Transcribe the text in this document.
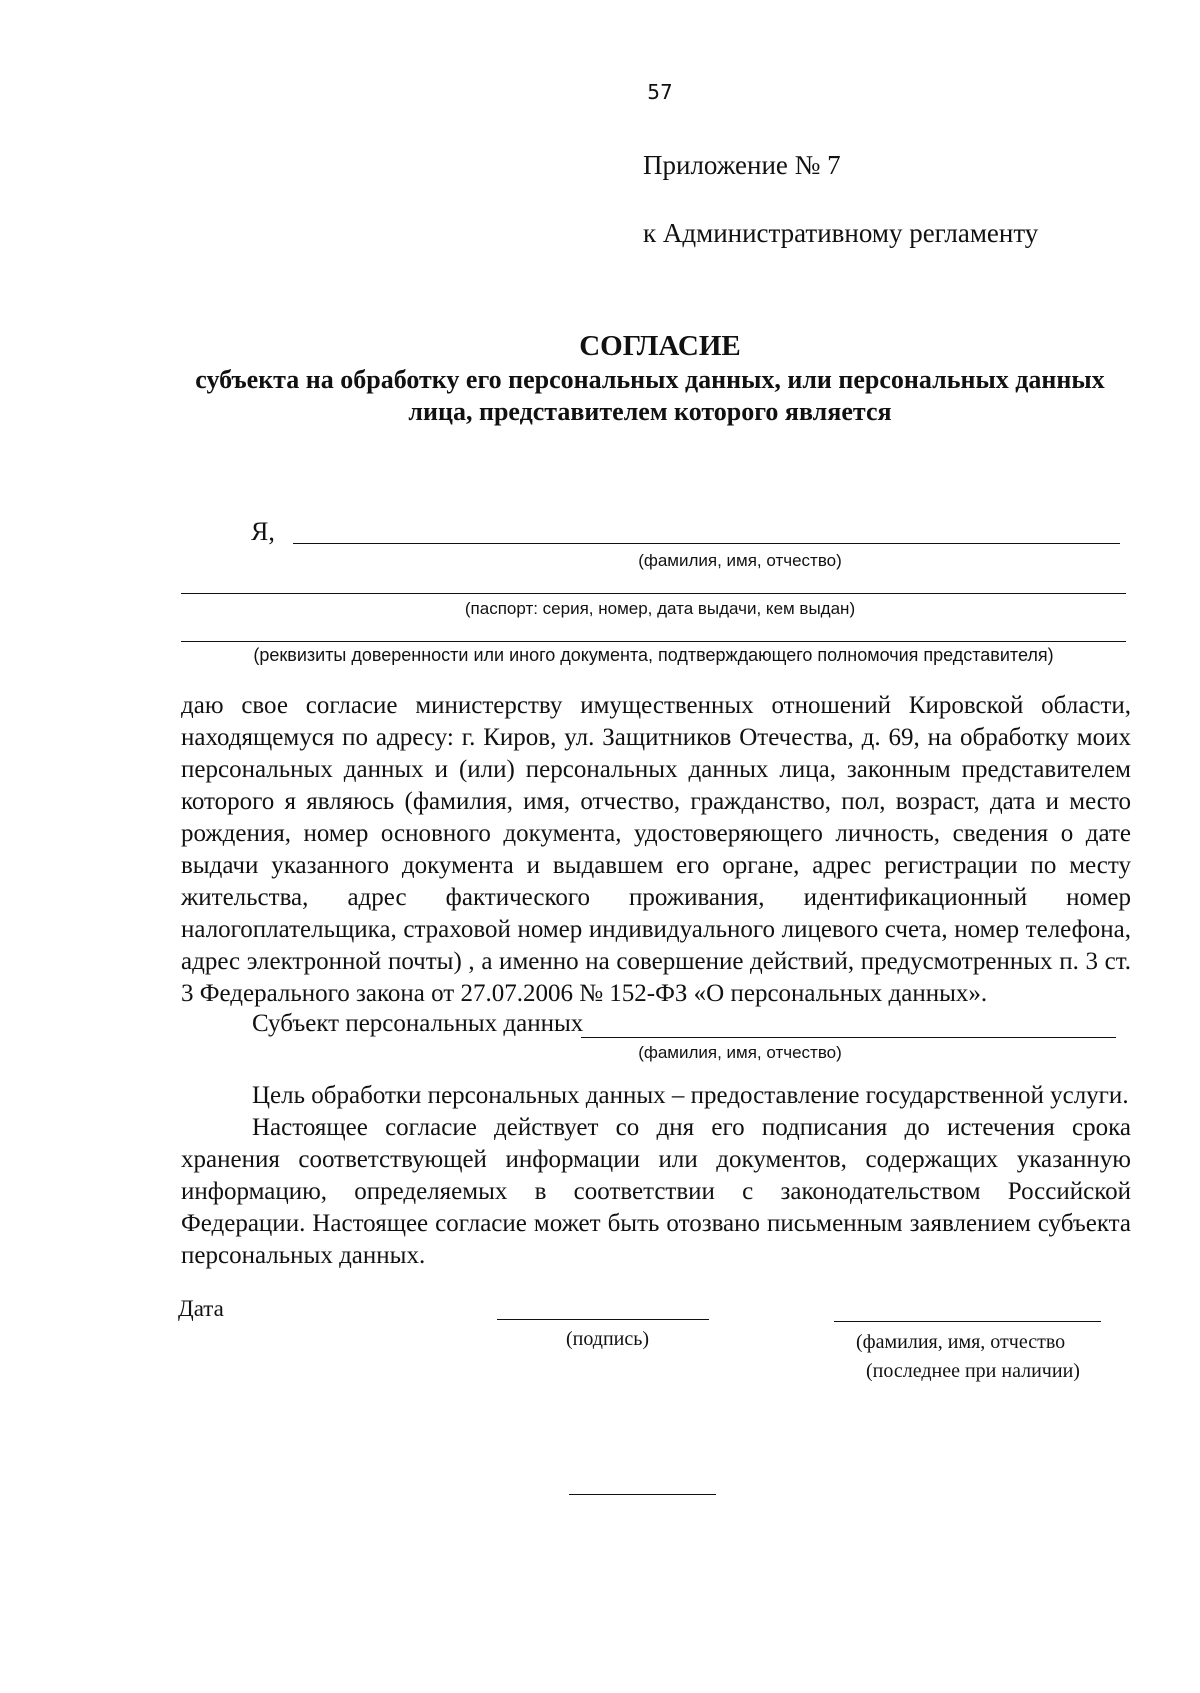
57
Приложение № 7
к Административному регламенту
СОГЛАСИЕ
субъекта на обработку его персональных данных, или персональных данных лица, представителем которого является
Я,
(фамилия, имя, отчество)
(паспорт: серия, номер, дата выдачи, кем выдан)
(реквизиты доверенности или иного документа, подтверждающего полномочия представителя)

даю свое согласие министерству имущественных отношений Кировской области, находящемуся по адресу: г. Киров, ул. Защитников Отечества, д. 69, на обработку моих персональных данных и (или) персональных данных лица, законным представителем которого я являюсь (фамилия, имя, отчество, гражданство, пол, возраст, дата и место рождения, номер основного документа, удостоверяющего личность, сведения о дате выдачи указанного документа и выдавшем его органе, адрес регистрации по месту жительства, адрес фактического проживания, идентификационный номер налогоплательщика, страховой номер индивидуального лицевого счета, номер телефона, адрес электронной почты) , а именно на совершение действий, предусмотренных п. 3 ст. 3 Федерального закона от 27.07.2006 № 152-ФЗ «О персональных данных».

Субъект персональных данных
(фамилия, имя, отчество)

Цель обработки персональных данных – предоставление государственной услуги.

Настоящее согласие действует со дня его подписания до истечения срока хранения соответствующей информации или документов, содержащих указанную информацию, определяемых в соответствии с законодательством Российской Федерации. Настоящее согласие может быть отозвано письменным заявлением субъекта персональных данных.

Дата
(подпись)	(фамилия, имя, отчество
(последнее при наличии)
